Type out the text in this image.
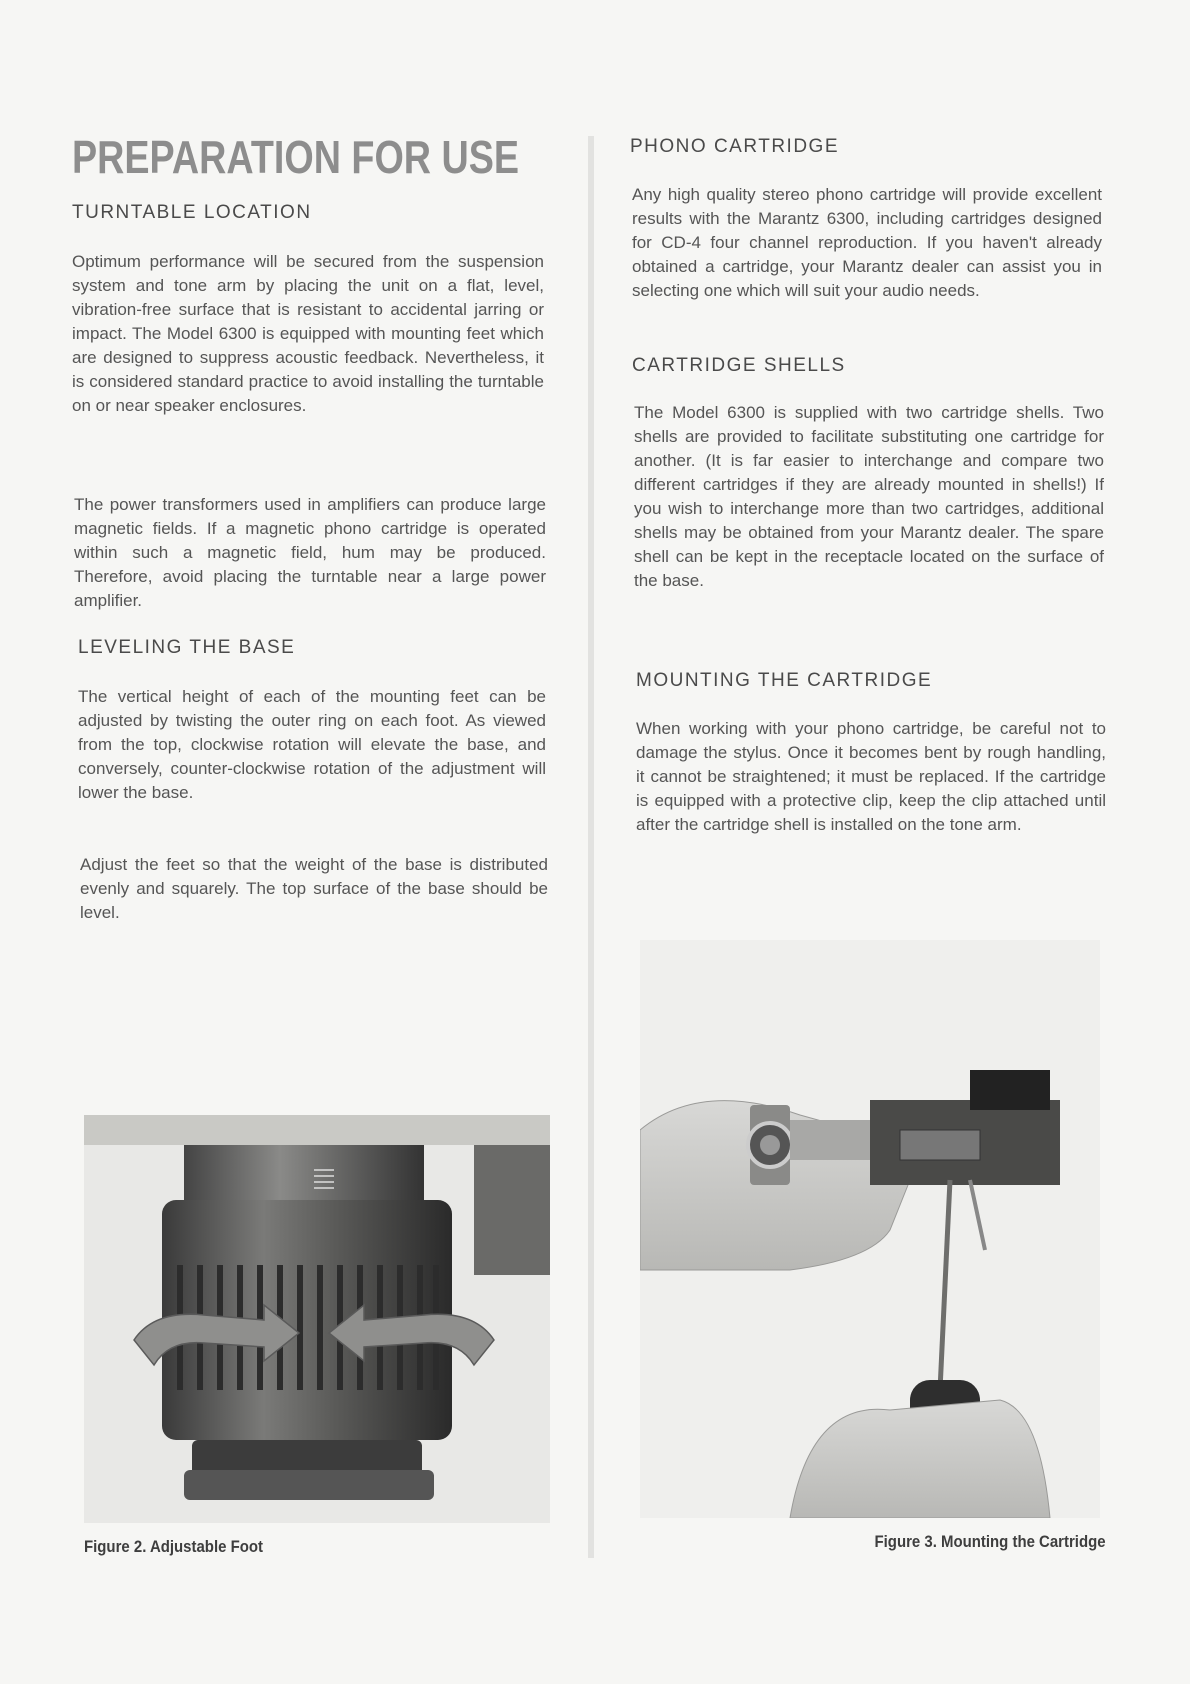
PREPARATION FOR USE
TURNTABLE LOCATION

Optimum performance will be secured from the suspension system and tone arm by placing the unit on a flat, level, vibration-free surface that is resistant to accidental jarring or impact. The Model 6300 is equipped with mounting feet which are designed to suppress acoustic feedback. Nevertheless, it is considered standard practice to avoid installing the turntable on or near speaker enclosures.

The power transformers used in amplifiers can produce large magnetic fields. If a magnetic phono cartridge is operated within such a magnetic field, hum may be produced. Therefore, avoid placing the turntable near a large power amplifier.

LEVELING THE BASE

The vertical height of each of the mounting feet can be adjusted by twisting the outer ring on each foot. As viewed from the top, clockwise rotation will elevate the base, and conversely, counter-clockwise rotation of the adjustment will lower the base.

Adjust the feet so that the weight of the base is distributed evenly and squarely. The top surface of the base should be level.

Figure 2. Adjustable Foot

PHONO CARTRIDGE

Any high quality stereo phono cartridge will provide excellent results with the Marantz 6300, including cartridges designed for CD-4 four channel reproduction. If you haven't already obtained a cartridge, your Marantz dealer can assist you in selecting one which will suit your audio needs.

CARTRIDGE SHELLS

The Model 6300 is supplied with two cartridge shells. Two shells are provided to facilitate substituting one cartridge for another. (It is far easier to interchange and compare two different cartridges if they are already mounted in shells!) If you wish to interchange more than two cartridges, additional shells may be obtained from your Marantz dealer. The spare shell can be kept in the receptacle located on the surface of the base.

MOUNTING THE CARTRIDGE

When working with your phono cartridge, be careful not to damage the stylus. Once it becomes bent by rough handling, it cannot be straightened; it must be replaced. If the cartridge is equipped with a protective clip, keep the clip attached until after the cartridge shell is installed on the tone arm.

Figure 3. Mounting the Cartridge
